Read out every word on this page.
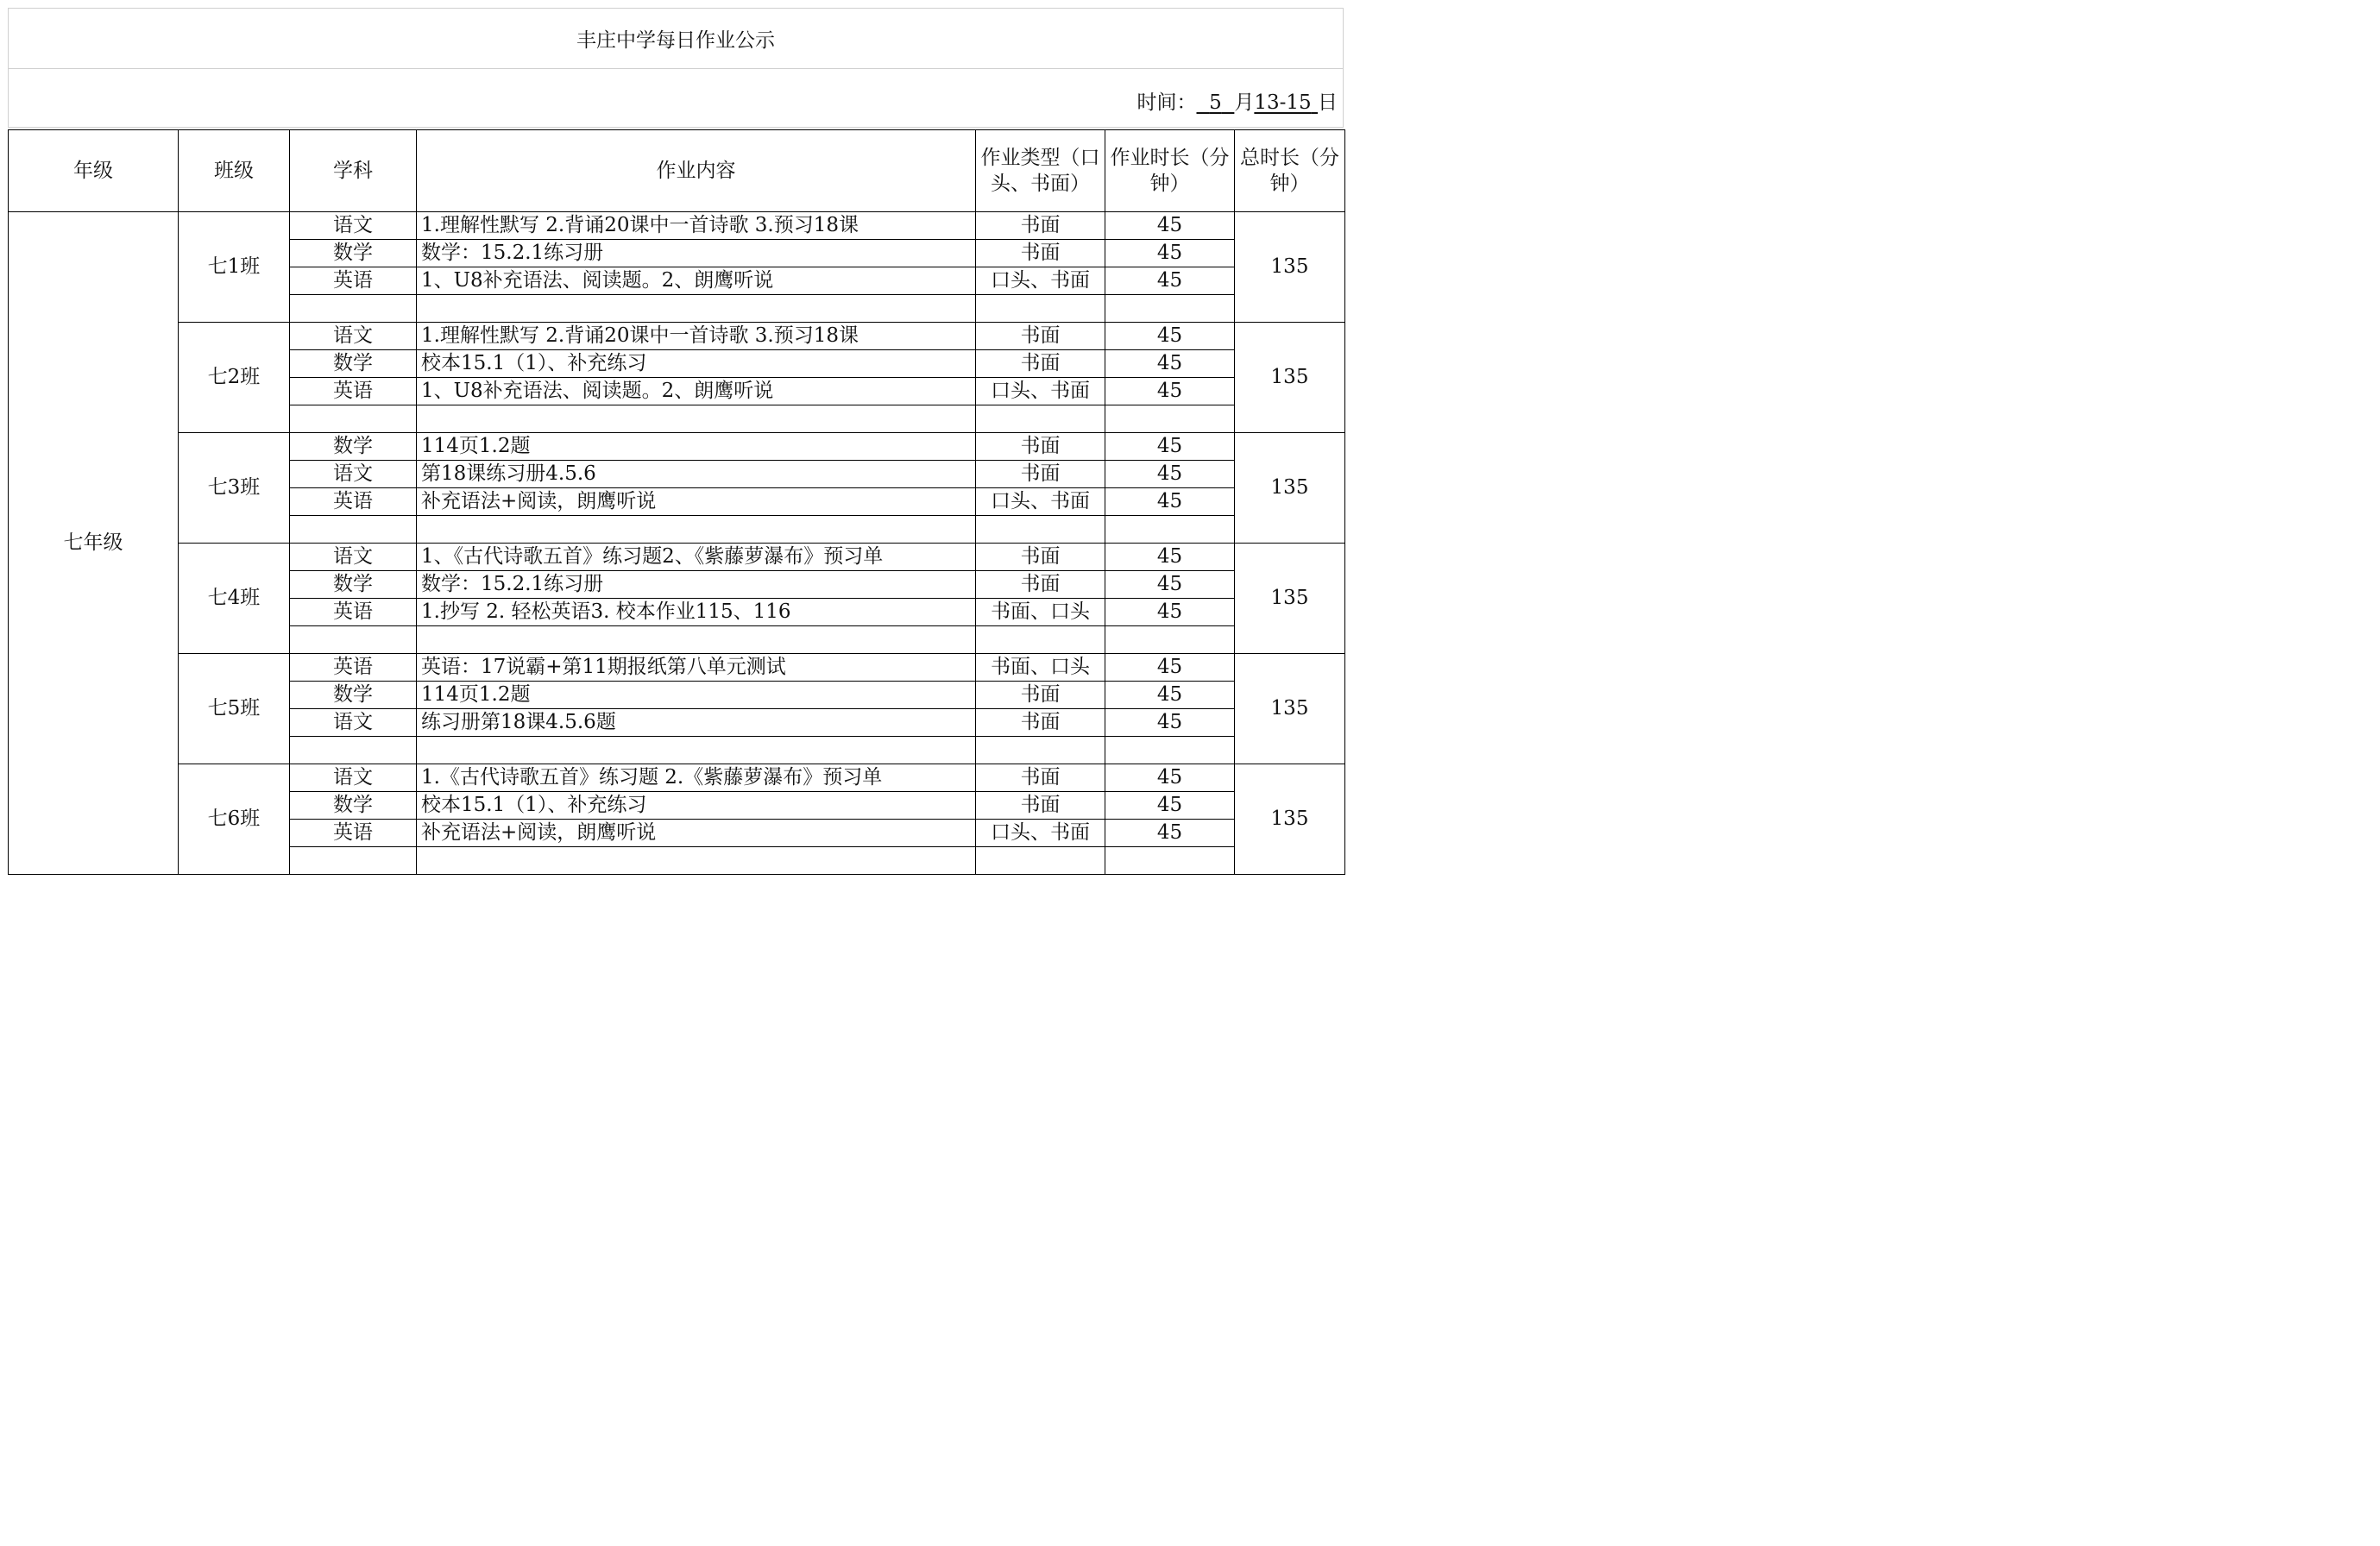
丰庄中学每日作业公示
时间： 5 月13-15 日
年级	班级	学科	作业内容	作业类型（口头、书面）	作业时长（分钟）	总时长（分钟）
七年级	七1班	语文	1.理解性默写 2.背诵20课中一首诗歌 3.预习18课	书面	45	135
		数学	数学：15.2.1练习册	书面	45	
		英语	1、U8补充语法、阅读题。2、朗鹰听说	口头、书面	45	

	七2班	语文	1.理解性默写 2.背诵20课中一首诗歌 3.预习18课	书面	45	135
		数学	校本15.1（1）、补充练习	书面	45	
		英语	1、U8补充语法、阅读题。2、朗鹰听说	口头、书面	45	

	七3班	数学	114页1.2题	书面	45	135
		语文	第18课练习册4.5.6	书面	45	
		英语	补充语法+阅读，朗鹰听说	口头、书面	45	

	七4班	语文	1、《古代诗歌五首》练习题2、《紫藤萝瀑布》预习单	书面	45	135
		数学	数学：15.2.1练习册	书面	45	
		英语	1.抄写 2. 轻松英语3. 校本作业115、116	书面、口头	45	

	七5班	英语	英语：17说霸+第11期报纸第八单元测试	书面、口头	45	135
		数学	114页1.2题	书面	45	
		语文	练习册第18课4.5.6题	书面	45	

	七6班	语文	1.《古代诗歌五首》练习题 2.《紫藤萝瀑布》预习单	书面	45	135
		数学	校本15.1（1）、补充练习	书面	45	
		英语	补充语法+阅读，朗鹰听说	口头、书面	45	
